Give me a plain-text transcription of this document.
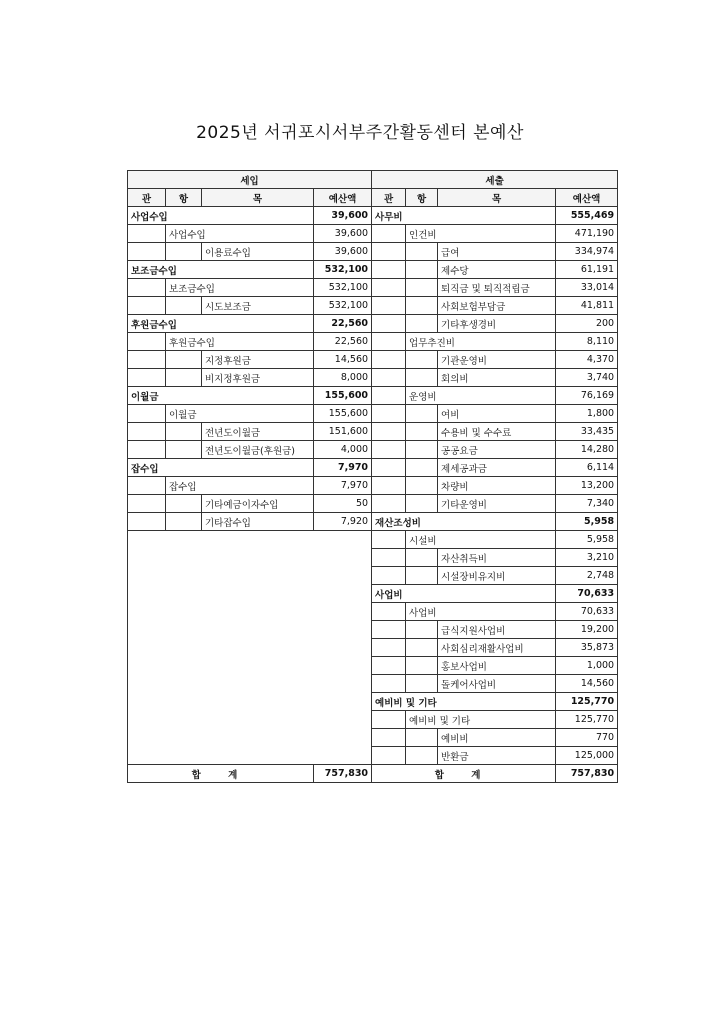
2025년 서귀포시서부주간활동센터 본예산
세입				세출			
관	항	목	예산액	관	항	목	예산액
사업수입			39,600	사무비			555,469
	사업수입		39,600		인건비		471,190
		이용료수입	39,600			급여	334,974
보조금수입			532,100			제수당	61,191
	보조금수입		532,100			퇴직금 및 퇴직적립금	33,014
		시도보조금	532,100			사회보험부담금	41,811
후원금수입			22,560			기타후생경비	200
	후원금수입		22,560		업무추진비		8,110
		지정후원금	14,560			기관운영비	4,370
		비지정후원금	8,000			회의비	3,740
이월금			155,600		운영비		76,169
	이월금		155,600			여비	1,800
		전년도이월금	151,600			수용비 및 수수료	33,435
		전년도이월금(후원금)	4,000			공공요금	14,280
잡수입			7,970			제세공과금	6,114
	잡수입		7,970			차량비	13,200
		기타예금이자수입	50			기타운영비	7,340
		기타잡수입	7,920	재산조성비			5,958
					시설비		5,958
						자산취득비	3,210
						시설장비유지비	2,748
				사업비			70,633
					사업비		70,633
						급식지원사업비	19,200
						사회심리재활사업비	35,873
						홍보사업비	1,000
						돌케어사업비	14,560
				예비비 및 기타			125,770
					예비비 및 기타		125,770
						예비비	770
						반환금	125,000
합 계			757,830	합 계			757,830
